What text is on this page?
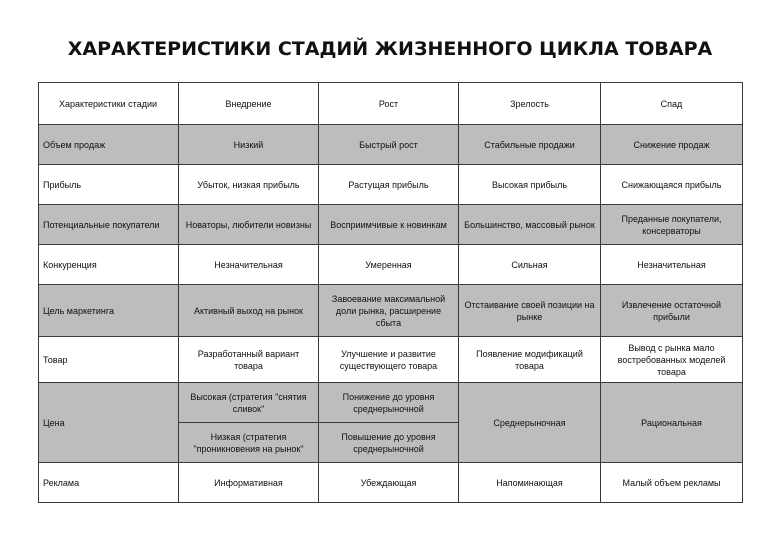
ХАРАКТЕРИСТИКИ СТАДИЙ ЖИЗНЕННОГО ЦИКЛА ТОВАРА
Характеристики стадии	Внедрение	Рост	Зрелость	Спад
Объем продаж	Низкий	Быстрый рост	Стабильные продажи	Снижение продаж
Прибыль	Убыток, низкая прибыль	Растущая прибыль	Высокая прибыль	Снижающаяся прибыль
Потенциальные покупатели	Новаторы, любители новизны	Восприимчивые к новинкам	Большинство, массовый рынок	Преданные покупатели, консерваторы
Конкуренция	Незначительная	Умеренная	Сильная	Незначительная
Цель маркетинга	Активный выход на рынок	Завоевание максимальной доли рынка, расширение сбыта	Отстаивание своей позиции на рынке	Извлечение остаточной прибыли
Товар	Разработанный вариант товара	Улучшение и развитие существующего товара	Появление модификаций товара	Вывод с рынка мало востребованных моделей товара
Цена	Высокая (стратегия "снятия сливок"	Понижение до уровня среднерыночной	Среднерыночная	Рациональная
	Низкая (стратегия "проникновения на рынок"	Повышение до уровня среднерыночной		
Реклама	Информативная	Убеждающая	Напоминающая	Малый объем рекламы
